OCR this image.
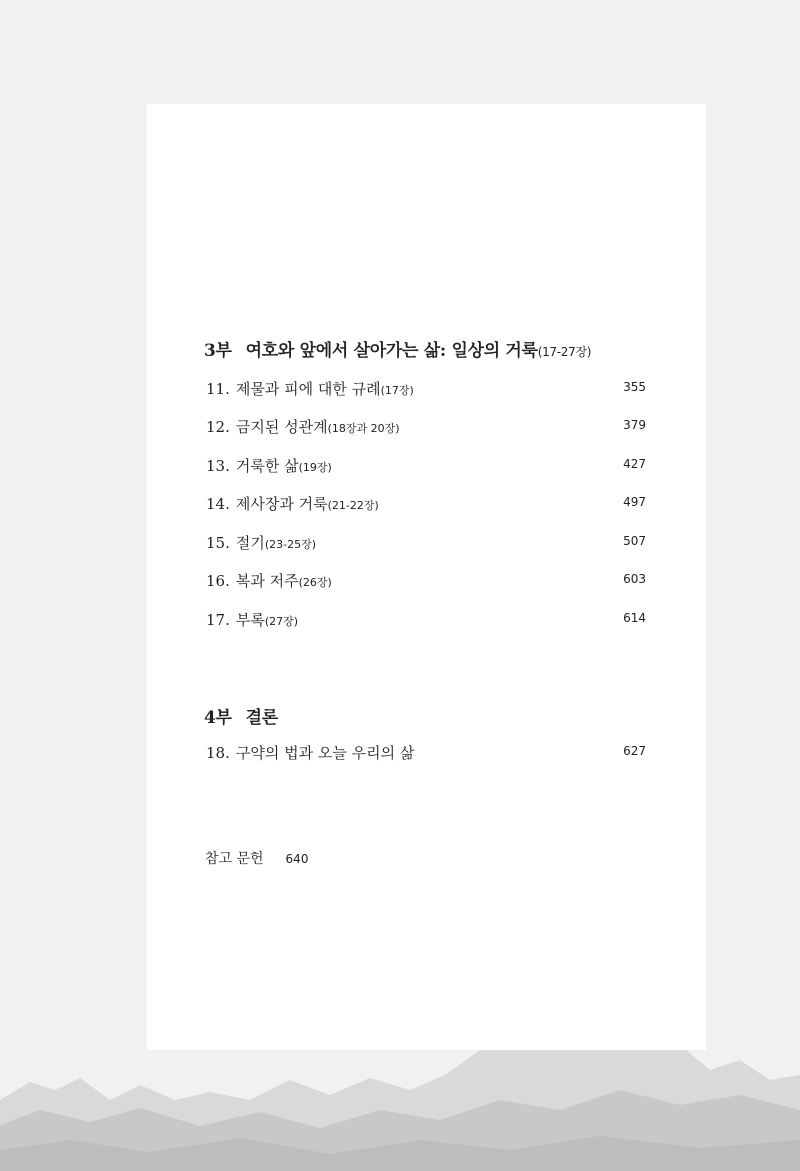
3부 여호와 앞에서 살아가는 삶: 일상의 거룩(17-27장)
11. 제물과 피에 대한 규례(17장)	355
12. 금지된 성관계(18장과 20장)	379
13. 거룩한 삶(19장)	427
14. 제사장과 거룩(21-22장)	497
15. 절기(23-25장)	507
16. 복과 저주(26장)	603
17. 부록(27장)	614
4부 결론
18. 구약의 법과 오늘 우리의 삶	627
참고 문헌 640
